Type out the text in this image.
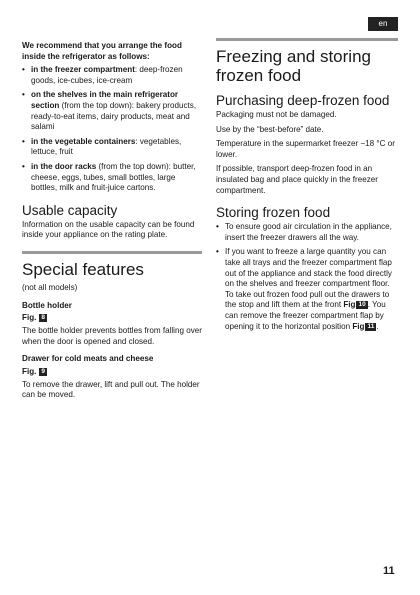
en

We recommend that you arrange the food inside the refrigerator as follows:

• in the freezer compartment: deep-frozen goods, ice-cubes, ice-cream
• on the shelves in the main refrigerator section (from the top down): bakery products, ready-to-eat items, dairy products, meat and salami
• in the vegetable containers: vegetables, lettuce, fruit
• in the door racks (from the top down): butter, cheese, eggs, tubes, small bottles, large bottles, milk and fruit-juice cartons.
Usable capacity

Information on the usable capacity can be found inside your appliance on the rating plate.

Special features

(not all models)

Bottle holder
Fig. 8

The bottle holder prevents bottles from falling over when the door is opened and closed.

Drawer for cold meats and cheese
Fig. 9

To remove the drawer, lift and pull out. The holder can be moved.

Freezing and storing frozen food
Purchasing deep-frozen food

Packaging must not be damaged.

Use by the “best-before” date.

Temperature in the supermarket freezer −18 °C or lower.

If possible, transport deep-frozen food in an insulated bag and place quickly in the freezer compartment.

Storing frozen food
• To ensure good air circulation in the appliance, insert the freezer drawers all the way.
• If you want to freeze a large quantity you can take all trays and the freezer compartment flap out of the appliance and stack the food directly on the shelves and freezer compartment floor. To take out frozen food pull out the drawers to the stop and lift them at the front Fig 10 . You can remove the freezer compartment flap by opening it to the horizontal position Fig 11 .
11
